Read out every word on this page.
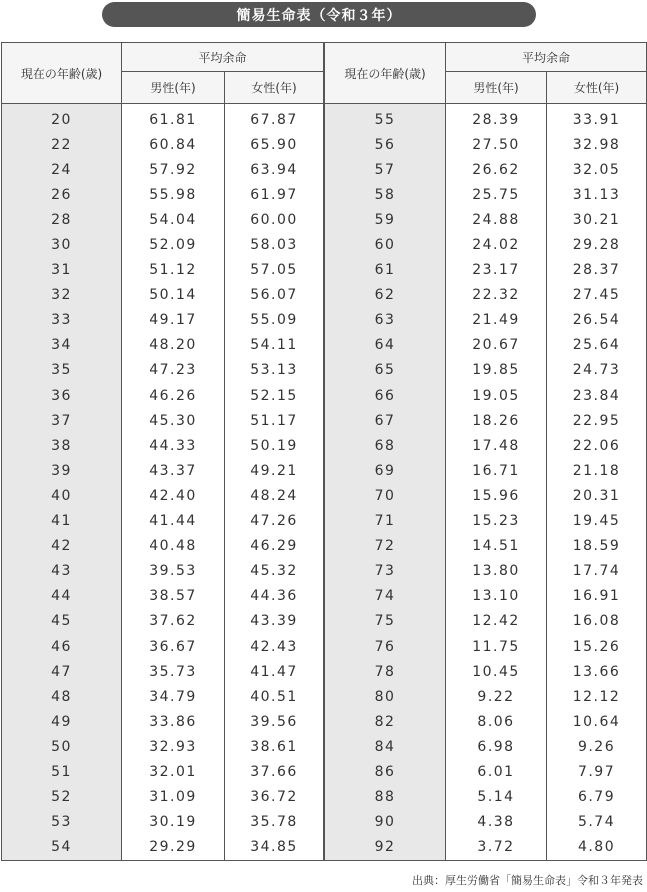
簡易生命表（令和３年）
現在の年齢(歳)	平均余命		現在の年齢(歳)	平均余命	
	男性(年)	女性(年)		男性(年)	女性(年)
20	61.81	67.87		55	28.39	33.91
22	60.84	65.90		56	27.50	32.98
24	57.92	63.94		57	26.62	32.05
26	55.98	61.97		58	25.75	31.13
28	54.04	60.00		59	24.88	30.21
30	52.09	58.03		60	24.02	29.28
31	51.12	57.05		61	23.17	28.37
32	50.14	56.07		62	22.32	27.45
33	49.17	55.09		63	21.49	26.54
34	48.20	54.11		64	20.67	25.64
35	47.23	53.13		65	19.85	24.73
36	46.26	52.15		66	19.05	23.84
37	45.30	51.17		67	18.26	22.95
38	44.33	50.19		68	17.48	22.06
39	43.37	49.21		69	16.71	21.18
40	42.40	48.24		70	15.96	20.31
41	41.44	47.26		71	15.23	19.45
42	40.48	46.29		72	14.51	18.59
43	39.53	45.32		73	13.80	17.74
44	38.57	44.36		74	13.10	16.91
45	37.62	43.39		75	12.42	16.08
46	36.67	42.43		76	11.75	15.26
47	35.73	41.47		78	10.45	13.66
48	34.79	40.51		80	9.22	12.12
49	33.86	39.56		82	8.06	10.64
50	32.93	38.61		84	6.98	9.26
51	32.01	37.66		86	6.01	7.97
52	31.09	36.72		88	5.14	6.79
53	30.19	35.78		90	4.38	5.74
54	29.29	34.85		92	3.72	4.80
出典：厚生労働省「簡易生命表」令和３年発表
